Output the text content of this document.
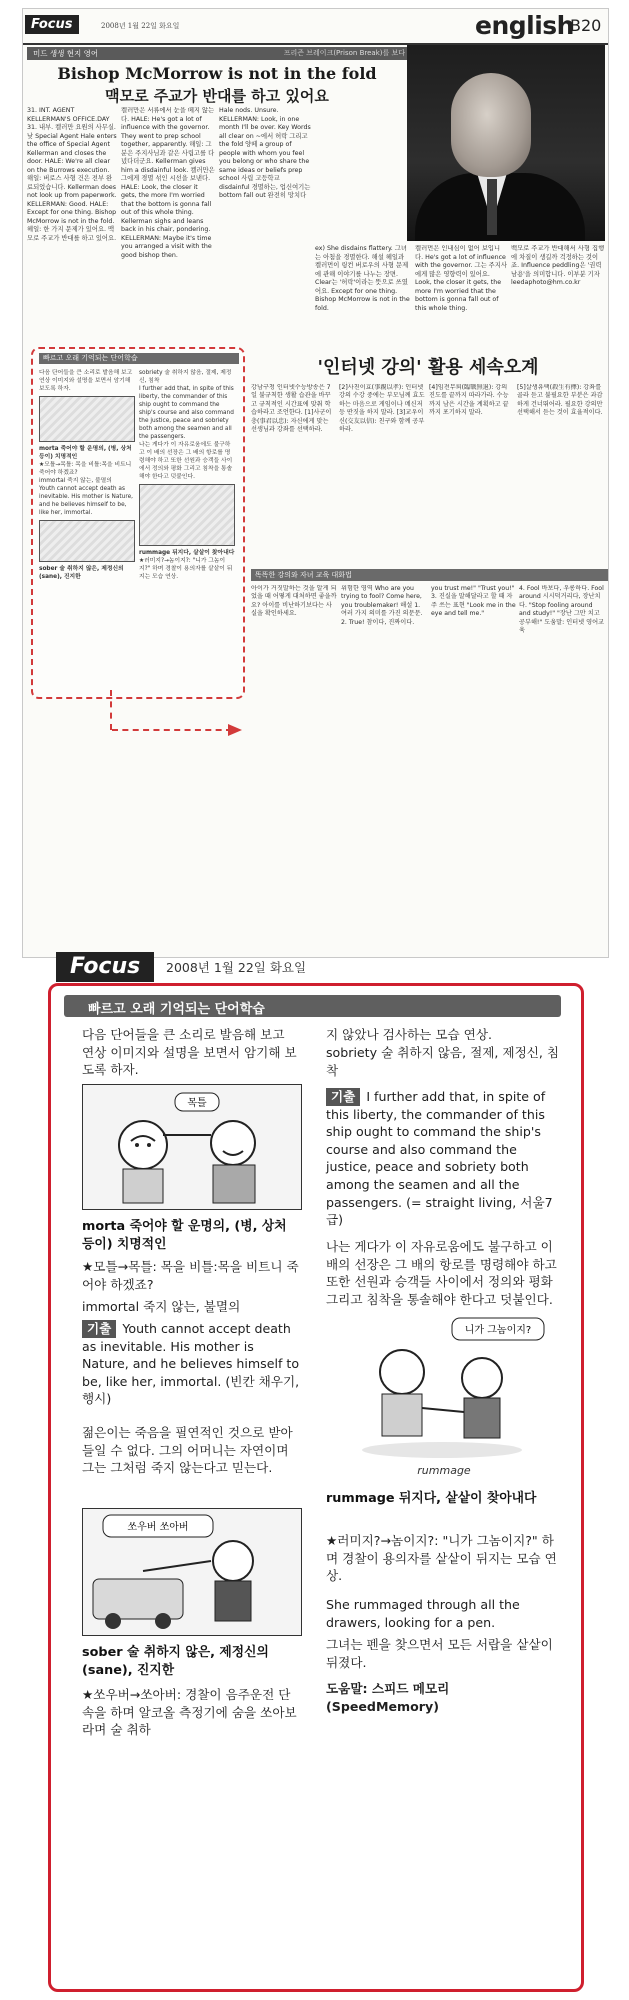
Focus	2008년 1월 22일 화요일	english
B20
미드 생생 현지 영어	프리즌 브레이크(Prison Break)를 보다
Bishop McMorrow is not in the fold
맥모로 주교가 반대를 하고 있어요
31. INT. AGENT KELLERMAN'S OFFICE.DAY 31. 내부. 켈러만 요원의 사무실. 낮 Special Agent Hale enters the office of Special Agent Kellerman and closes the door. HALE: We're all clear on the Burrows execution. 해일: 버로스 사형 건은 전부 완료되었습니다. Kellerman does not look up from paperwork. KELLERMAN: Good. HALE: Except for one thing. Bishop McMorrow is not in the fold. 헤일: 한 가지 문제가 있어요. 맥모로 주교가 반대를 하고 있어요.
켈러만은 서류에서 눈을 떼지 않는다. HALE: He's got a lot of influence with the governor. They went to prep school together, apparently. 해일: 그분은 주지사님과 같은 사립고를 다녔다더군요. Kellerman gives him a disdainful look. 켈러만은 그에게 경멸 섞인 시선을 보낸다. HALE: Look, the closer it gets, the more I'm worried that the bottom is gonna fall out of this whole thing. Kellerman sighs and leans back in his chair, pondering. KELLERMAN: Maybe it's time you arranged a visit with the good bishop then.
Hale nods. Unsure. KELLERMAN: Look, in one month I'll be over. Key Words all clear on ~에서 허락 그리고 the fold 양떼 a group of people with whom you feel you belong or who share the same ideas or beliefs prep school 사립 고등학교 disdainful 경멸하는, 업신여기는 bottom fall out 완전히 망치다
ex) She disdains flattery. 그녀는 아첨을 경멸한다. 해설 헤일과 켈러먼이 링컨 버로우의 사형 문제에 관해 이야기를 나누는 장면. Clear는 '허락'이라는 뜻으로 쓰였어요. Except for one thing. Bishop McMorrow is not in the fold.
켈러먼은 인내심이 없어 보입니다. He's got a lot of influence with the governor. 그는 주지사에게 많은 영향력이 있어요. Look, the closer it gets, the more I'm worried that the bottom is gonna fall out of this whole thing.
백모로 주교가 반대해서 사형 집행에 차질이 생길까 걱정하는 것이죠. Influence peddling은 '권력남용'을 의미합니다. 이부분 기자 leedaphoto@hm.co.kr
빠르고 오래 기억되는 단어학습
다음 단어들을 큰 소리로 발음해 보고 연상 이미지와 설명을 보면서 암기해 보도록 하자.
morta 죽어야 할 운명의, (병, 상처 등이) 치명적인
★모틀→목틀: 목을 비틀:목을 비트니 죽어야 하겠죠?
immortal 죽지 않는, 불멸의
Youth cannot accept death as inevitable. His mother is Nature, and he believes himself to be, like her, immortal.
sober 술 취하지 않은, 제정신의(sane), 진지한
sobriety 술 취하지 않음, 절제, 제정신, 침착
I further add that, in spite of this liberty, the commander of this ship ought to command the ship's course and also command the justice, peace and sobriety both among the seamen and all the passengers.
나는 게다가 이 자유로움에도 불구하고 이 배의 선장은 그 배의 항로를 명령해야 하고 또한 선원과 승객들 사이에서 정의와 평화 그리고 침착을 통솔해야 한다고 덧붙인다.
rummage 뒤지다, 샅샅이 찾아내다
★러미지?→놈이지?: "니가 그놈이지?" 하며 경찰이 용의자를 샅샅이 뒤지는 모습 연상.
'인터넷 강의' 활용 세속오계
강남구청 인터넷수능방송은 7일 불규칙한 생활 습관을 바꾸고 규칙적인 시간표에 맞춰 학습하라고 조언한다. [1]사군이충(事君以忠): 자신에게 맞는 선생님과 강좌를 선택하라.
[2]사친이효(事親以孝): 인터넷 강의 수강 중에는 부모님께 효도하는 마음으로 게임이나 메신저 등 딴짓을 하지 말라. [3]교우이신(交友以信): 친구와 함께 공부하라.
[4]임전무퇴(臨戰無退): 강의 진도를 끝까지 따라가라. 수능까지 남은 시간을 계획하고 끝까지 포기하지 말라.
[5]살생유택(殺生有擇): 강좌를 골라 듣고 불필요한 부분은 과감하게 건너뛰어라. 필요한 강의만 선택해서 듣는 것이 효율적이다.
똑똑한 강의와 자녀 교육 대화법
아이가 거짓말하는 것을 알게 되었을 때 어떻게 대처하면 좋을까요? 아이를 비난하기보다는 사실을 확인하세요.
위험한 영역 Who are you trying to fool? Come here, you troublemaker! 해설 1. 여러 가지 의미를 가진 의문문. 2. True! 참이다, 진짜이다.
you trust me!" "Trust you!" 3. 진실을 말해달라고 할 때 자주 쓰는 표현 "Look me in the eye and tell me."
4. Fool 바보다, 우롱하다. Fool around 시시덕거리다, 장난치다. "Stop fooling around and study!" "장난 그만 치고 공부해!" 도움말: 인터넷 영어교육
Focus	2008년 1월 22일 화요일
빠르고 오래 기억되는 단어학습
다음 단어들을 큰 소리로 발음해 보고 연상 이미지와 설명을 보면서 암기해 보도록 하자.
목틀
morta 죽어야 할 운명의, (병, 상처 등이) 치명적인
★모틀→목틀: 목을 비틀:목을 비트니 죽어야 하겠죠?
immortal 죽지 않는, 불멸의
기출 Youth cannot accept death as inevitable. His mother is Nature, and he believes himself to be, like her, immortal. (빈칸 채우기, 행시)
젊은이는 죽음을 필연적인 것으로 받아들일 수 없다. 그의 어머니는 자연이며 그는 그처럼 죽지 않는다고 믿는다.
쏘우버 쏘아버
sober 술 취하지 않은, 제정신의(sane), 진지한
★쏘우버→쏘아버: 경찰이 음주운전 단속을 하며 알코올 측정기에 숨을 쏘아보라며 술 취하
지 않았나 검사하는 모습 연상.
sobriety 술 취하지 않음, 절제, 제정신, 침착
기출 I further add that, in spite of this liberty, the commander of this ship ought to command the ship's course and also command the justice, peace and sobriety both among the seamen and all the passengers. (= straight living, 서울7급)
나는 게다가 이 자유로움에도 불구하고 이 배의 선장은 그 배의 항로를 명령해야 하고 또한 선원과 승객들 사이에서 정의와 평화 그리고 침착을 통솔해야 한다고 덧붙인다.
니가 그놈이지?
rummage
rummage 뒤지다, 샅샅이 찾아내다
★러미지?→놈이지?: "니가 그놈이지?" 하며 경찰이 용의자를 샅샅이 뒤지는 모습 연상.
She rummaged through all the drawers, looking for a pen.
그녀는 펜을 찾으면서 모든 서랍을 샅샅이 뒤졌다.
도움말: 스피드 메모리(SpeedMemory)
